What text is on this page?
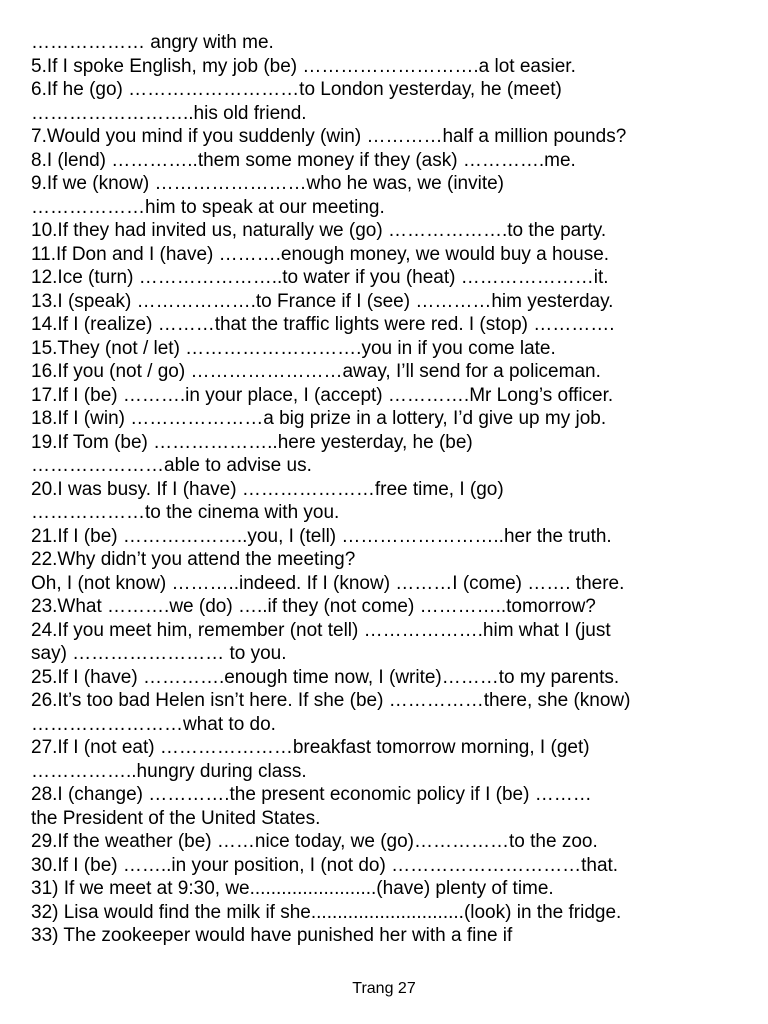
……………… angry with me.
5.If I spoke English, my job (be) ……………………….a lot easier.
6.If he (go) ………………………to London yesterday, he (meet)
……………………..his old friend.
7.Would you mind if you suddenly (win) …………half a million pounds?
8.I (lend) …………..them some money if they (ask) ………….me.
9.If we (know) ……………………who he was, we (invite)
………………him to speak at our meeting.
10.If they had invited us, naturally we (go) ……………….to the party.
11.If Don and I (have) ……….enough money, we would buy a house.
12.Ice (turn) …………………..to water if you (heat) …………………it.
13.I (speak) ……………….to France if I (see) …………him yesterday.
14.If I (realize) ………that the traffic lights were red. I (stop) ………….
15.They (not / let) ……………………….you in if you come late.
16.If you (not / go) ……………………away, I’ll send for a policeman.
17.If I (be) ……….in your place, I (accept) ………….Mr Long’s officer.
18.If I (win) …………………a big prize in a lottery, I’d give up my job.
19.If Tom (be) ………………..here yesterday, he (be)
…………………able to advise us.
20.I was busy. If I (have) …………………free time, I (go)
………………to the cinema with you.
21.If I (be) ………………..you, I (tell) ……………………..her the truth.
22.Why didn’t you attend the meeting?
Oh, I (not know) ………..indeed. If I (know) ………I (come) ……. there.
23.What ……….we (do) …..if they (not come) …………..tomorrow?
24.If you meet him, remember (not tell) ……………….him what I (just
say) …………………… to you.
25.If I (have) ………….enough time now, I (write)………to my parents.
26.It’s too bad Helen isn’t here. If she (be) ……………there, she (know)
……………………what to do.
27.If I (not eat) …………………breakfast tomorrow morning, I (get)
……………..hungry during class.
28.I (change) ………….the present economic policy if I (be) ………
the President of the United States.
29.If the weather (be) ……nice today, we (go)……………to the zoo.
30.If I (be) ……..in your position, I (not do) …………………………that.
31) If we meet at 9:30, we........................(have) plenty of time.
32) Lisa would find the milk if she.............................(look) in the fridge.
33) The zookeeper would have punished her with a fine if
Trang 27
